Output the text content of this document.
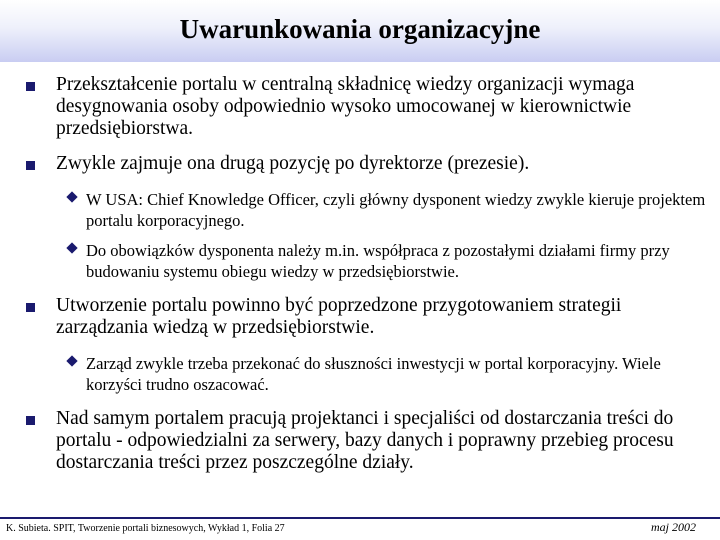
Uwarunkowania organizacyjne
Przekształcenie portalu w centralną składnicę wiedzy organizacji wymaga desygnowania osoby odpowiednio wysoko umocowanej w kierownictwie przedsiębiorstwa.
Zwykle zajmuje ona drugą pozycję po dyrektorze (prezesie).
W USA: Chief Knowledge Officer, czyli główny dysponent wiedzy zwykle kieruje projektem portalu korporacyjnego.
Do obowiązków dysponenta należy m.in. współpraca z pozostałymi działami firmy przy budowaniu systemu obiegu wiedzy w przedsiębiorstwie.
Utworzenie portalu powinno być poprzedzone przygotowaniem strategii zarządzania wiedzą w przedsiębiorstwie.
Zarząd zwykle trzeba przekonać do słuszności inwestycji w portal korporacyjny. Wiele korzyści trudno oszacować.
Nad samym portalem pracują projektanci i specjaliści od dostarczania treści do portalu - odpowiedzialni za serwery, bazy danych i poprawny przebieg procesu dostarczania treści przez poszczególne działy.
K. Subieta. SPIT, Tworzenie portali biznesowych, Wykład 1, Folia 27	maj 2002
